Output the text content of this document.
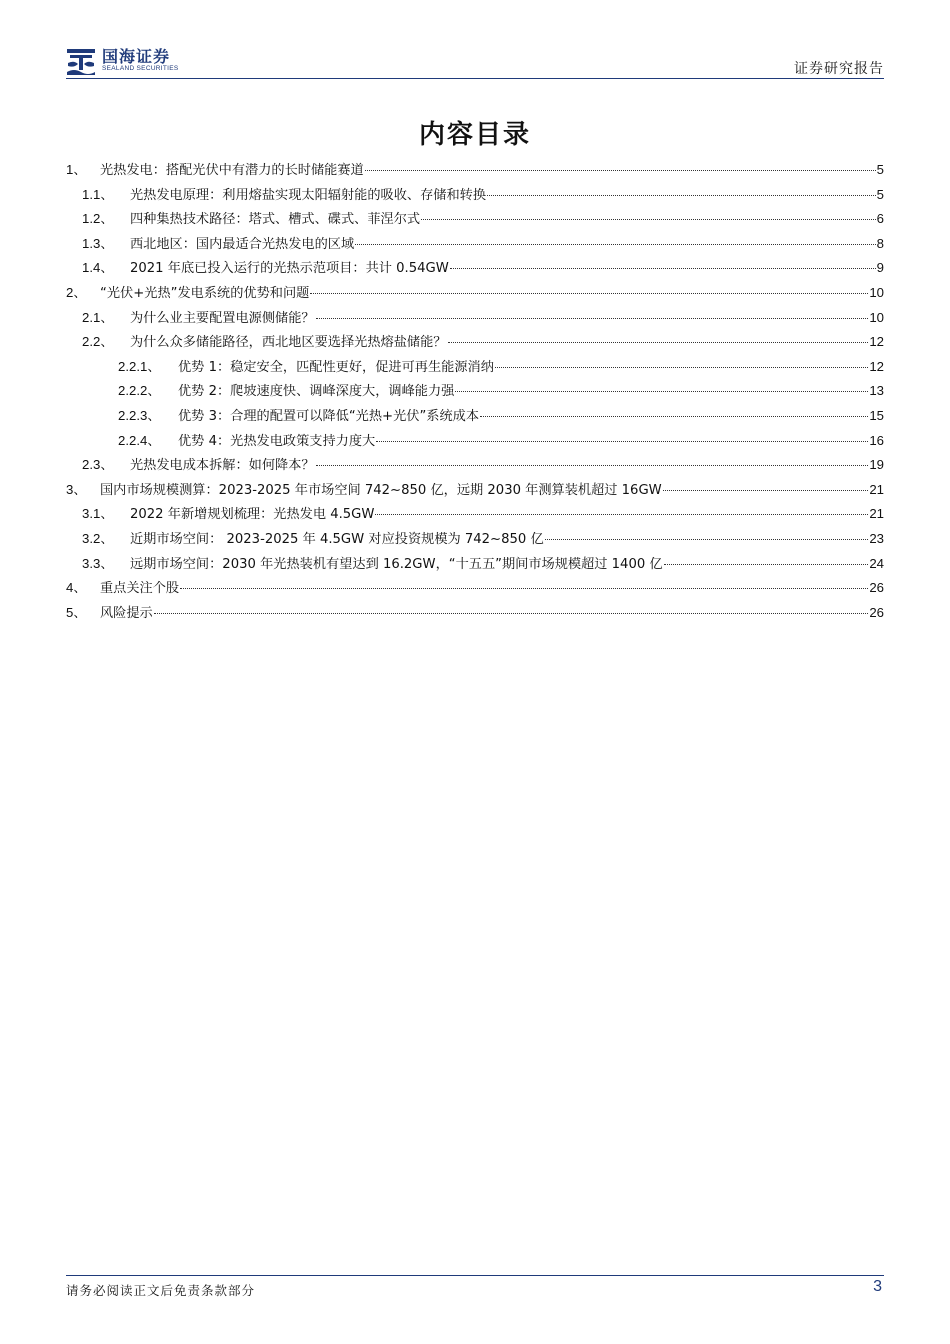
国海证券
SEALAND SECURITIES	证券研究报告
内容目录
1、	光热发电：搭配光伏中有潜力的长时储能赛道	5
1.1、	光热发电原理：利用熔盐实现太阳辐射能的吸收、存储和转换	5
1.2、	四种集热技术路径：塔式、槽式、碟式、菲涅尔式	6
1.3、	西北地区：国内最适合光热发电的区域	8
1.4、	2021 年底已投入运行的光热示范项目：共计 0.54GW	9
2、	“光伏+光热”发电系统的优势和问题	10
2.1、	为什么业主要配置电源侧储能？	10
2.2、	为什么众多储能路径，西北地区要选择光热熔盐储能？	12
2.2.1、	优势 1：稳定安全，匹配性更好，促进可再生能源消纳	12
2.2.2、	优势 2：爬坡速度快、调峰深度大，调峰能力强	13
2.2.3、	优势 3：合理的配置可以降低“光热+光伏”系统成本	15
2.2.4、	优势 4：光热发电政策支持力度大	16
2.3、	光热发电成本拆解：如何降本？	19
3、	国内市场规模测算：2023-2025 年市场空间 742~850 亿，远期 2030 年测算装机超过 16GW	21
3.1、	2022 年新增规划梳理：光热发电 4.5GW	21
3.2、	近期市场空间： 2023-2025 年 4.5GW 对应投资规模为 742~850 亿	23
3.3、	远期市场空间：2030 年光热装机有望达到 16.2GW，“十五五”期间市场规模超过 1400 亿	24
4、	重点关注个股	26
5、	风险提示	26
请务必阅读正文后免责条款部分	3
